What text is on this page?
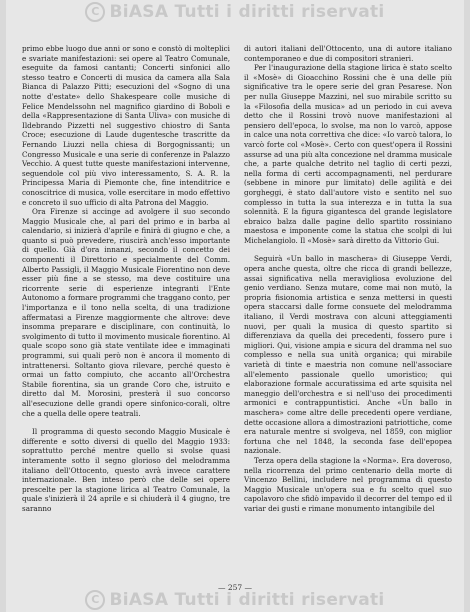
C BiASA Tutti i diritti riservati

primo ebbe luogo due anni or sono e constò di molteplici e svariate manifestazioni: sei opere al Teatro Comunale, eseguite da famosi cantanti; Concerti sinfonici allo stesso teatro e Concerti di musica da camera alla Sala Bianca di Palazzo Pitti; esecuzioni del «Sogno di una notte d'estate» dello Shakespeare colle musiche di Felice Mendelssohn nel magnifico giardino di Boboli e della «Rappresentazione di Santa Uliva» con musiche di Ildebrando Pizzetti nel suggestivo chiostro di Santa Croce; esecuzione di Laude dugentesche trascritte da Fernando Liuzzi nella chiesa di Borgognissanti; un Congresso Musicale e una serie di conferenze in Palazzo Vecchio. A quest tutte queste manifestazioni intervenne, seguendole col più vivo interessamento, S. A. R. la Principessa Maria di Piemonte che, fine intenditrice e conoscitrice di musica, volle esercitare in modo effettivo e concreto il suo ufficio di alta Patrona del Maggio.

Ora Firenze si accinge ad avolgere il suo secondo Maggio Musicale che, al pari del primo e in barba al calendario, si inizierà d'aprile e finirà di giugno e che, a quanto si può prevedere, riuscirà anch'esso importante di quello. Già d'ora innanzi, secondo il concetto dei componenti il Direttorio e specialmente del Comm. Alberto Passigli, il Maggio Musicale Fiorentino non deve esser più fine a se stesso, ma deve costituire una ricorrente serie di esperienze integranti l'Ente Autonomo a formare programmi che traggano conto, per l'importanza e il tono nella scelta, di una tradizione affermatasi a Firenze maggiormente che altrove: deve insomma preparare e disciplinare, con continuità, lo svolgimento di tutto il movimento musicale fiorentino. Al quale scopo sono già state ventilate idee e immaginati programmi, sui quali però non è ancora il momento di intrattenersi. Soltanto giova rilevare, perché questo è ormai un fatto compiuto, che accanto all'Orchestra Stabile fiorentina, sia un grande Coro che, istruito e diretto dal M. Morosini, presterà il suo concorso all'esecuzione delle grandi opere sinfonico-corali, oltre che a quella delle opere teatrali.

Il programma di questo secondo Maggio Musicale è differente e sotto diversi di quello del Maggio 1933: soprattutto perché mentre quello si svolse quasi interamente sotto il segno glorioso del melodramma italiano dell'Ottocento, questo avrà invece carattere internazionale. Ben inteso però che delle sei opere prescelte per la stagione lirica al Teatro Comunale, la quale s'inizierà il 24 aprile e si chiuderà il 4 giugno, tre saranno

di autori italiani dell'Ottocento, una di autore italiano contemporaneo e due di compositori stranieri.

Per l'inaugurazione della stagione lirica è stato scelto il «Mosè» di Gioacchino Rossini che è una delle più significative tra le opere serie del gran Pesarese. Non per nulla Giuseppe Mazzini, nel suo mirabile scritto su la «Filosofia della musica» ad un periodo in cui aveva detto che il Rossini trovò nuove manifestazioni al pensiero dell'epoca, lo svolse, ma non lo varcò, appose in calce una nota correttiva che dice: «Io varcò talora, lo varcò forte col «Mosè». Certo con quest'opera il Rossini assurse ad una più alta concezione nel dramma musicale che, a parte qualche detrito nel taglio di certi pezzi, nella forma di certi accompagnamenti, nel perdurare (sebbene in minore pur limitato) delle agilità e dei gorgheggi, è stato dall'autore visto e sentito nel suo complesso in tutta la sua interezza e in tutta la sua solennità. E la figura gigantesca del grande legislatore ebraico balza dalle pagine dello spartito rossiniano maestosa e imponente come la statua che scolpì di lui Michelangiolo. Il «Mosè» sarà diretto da Vittorio Gui.

Seguirà «Un ballo in maschera» di Giuseppe Verdi, opera anche questa, oltre che ricca di grandi bellezze, assai significativa nella meravigliosa evoluzione del genio verdiano. Senza mutare, come mai non mutò, la propria fisionomia artistica e senza mettersi in questi opera staccarsi dalle forme consuete del melodramma italiano, il Verdi mostrava con alcuni atteggiamenti nuovi, per quali la musica di questo spartito si differenziava da quella dei precedenti, fossero pure i migliori. Qui, visione ampia e sicura del dramma nel suo complesso e nella sua unità organica; qui mirabile varietà di tinte e maestria non comune nell'associare all'elemento passionale quello umoristico; qui elaborazione formale accuratissima ed arte squisita nel maneggio dell'orchestra e si nell'uso dei procedimenti armonici e contrappuntistici. Anche «Un ballo in maschera» come altre delle precedenti opere verdiane, dette occasione allora a dimostrazioni patriottiche, come era naturale mentre si svolgeva, nel 1859, con miglior fortuna che nel 1848, la seconda fase dell'epopea nazionale.

Terza opera della stagione la «Norma». Era doveroso, nella ricorrenza del primo centenario della morte di Vincenzo Bellini, includere nel programma di questo Maggio Musicale un'opera sua e fu scelto quel suo capolavoro che sfidò impavido il decorrer del tempo ed il variar dei gusti e rimane monumento intangibile del

— 257 —
C BiASA Tutti i diritti riservati
